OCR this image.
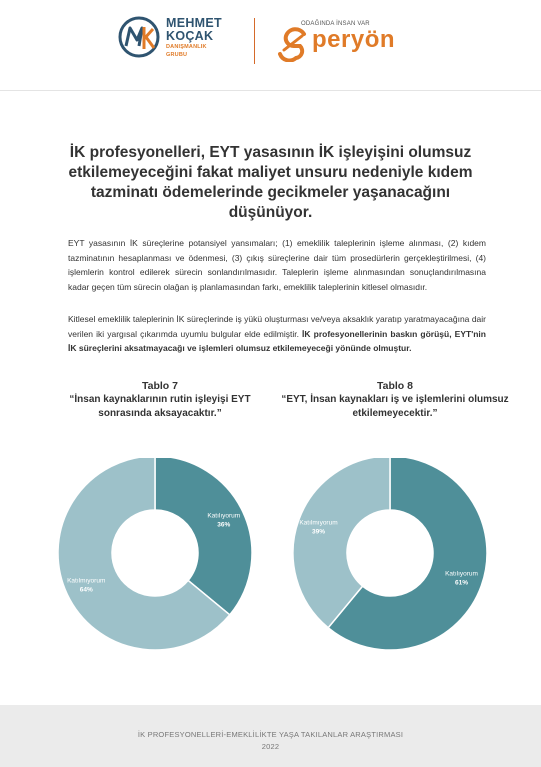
MEHMET
KOÇAK
DANIŞMANLIK
GRUBU
ODAĞINDA İNSAN VAR
peryön
İK profesyonelleri, EYT yasasının İK işleyişini olumsuz etkilemeyeceğini fakat maliyet unsuru nedeniyle kıdem tazminatı ödemelerinde gecikmeler yaşanacağını düşünüyor.

EYT yasasının İK süreçlerine potansiyel yansımaları; (1) emeklilik taleplerinin işleme alınması, (2) kıdem tazminatının hesaplanması ve ödenmesi, (3) çıkış süreçlerine dair tüm prosedürlerin gerçekleştirilmesi, (4) işlemlerin kontrol edilerek sürecin sonlandırılmasıdır. Taleplerin işleme alınmasından sonuçlandırılmasına kadar geçen tüm sürecin olağan iş planlamasından farkı, emeklilik taleplerinin kitlesel olmasıdır.

Kitlesel emeklilik taleplerinin İK süreçlerinde iş yükü oluşturması ve/veya aksaklık yaratıp yaratmayacağına dair verilen iki yargısal çıkarımda uyumlu bulgular elde edilmiştir. İK profesyonellerinin baskın görüşü, EYT'nin İK süreçlerini aksatmayacağı ve işlemleri olumsuz etkilemeyeceği yönünde olmuştur.

Tablo 7
“İnsan kaynaklarının rutin işleyişi EYT sonrasında aksayacaktır.”
Katılıyorum
36%
Katılmıyorum
64%
Tablo 8
“EYT, İnsan kaynakları iş ve işlemlerini olumsuz etkilemeyecektir.”
Katılıyorum
61%
Katılmıyorum
39%
İK PROFESYONELLERİ-EMEKLİLİKTE YAŞA TAKILANLAR ARAŞTIRMASI
2022
